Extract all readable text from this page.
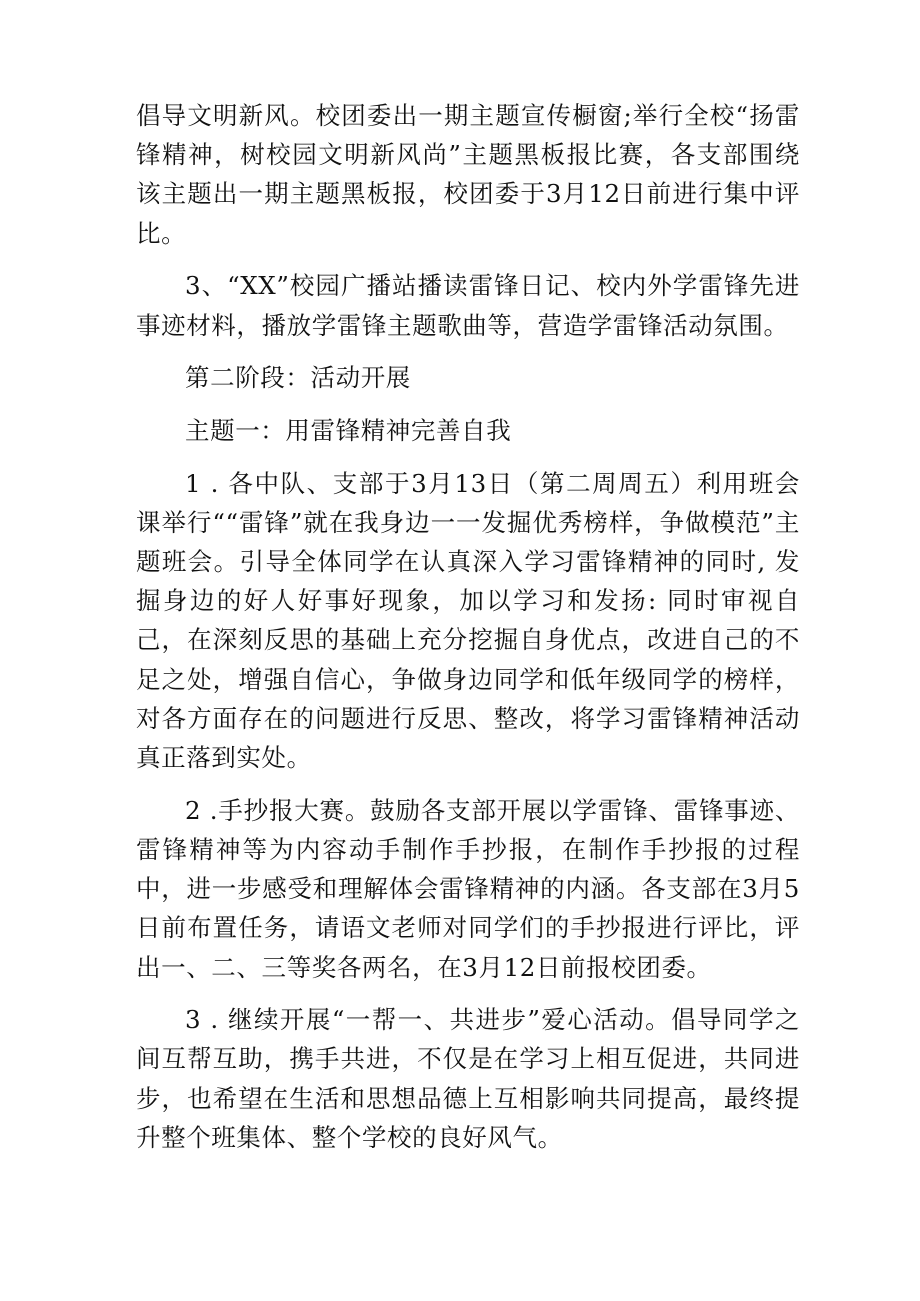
倡导文明新风。校团委出一期主题宣传橱窗;举行全校“扬雷锋精神，树校园文明新风尚”主题黑板报比赛，各支部围绕该主题出一期主题黑板报，校团委于3月12日前进行集中评比。

3、“XX”校园广播站播读雷锋日记、校内外学雷锋先进事迹材料，播放学雷锋主题歌曲等，营造学雷锋活动氛围。

第二阶段：活动开展

主题一：用雷锋精神完善自我

1 . 各中队、支部于3月13日（第二周周五）利用班会课举行““雷锋”就在我身边一一发掘优秀榜样，争做模范”主题班会。引导全体同学在认真深入学习雷锋精神的同时, 发掘身边的好人好事好现象，加以学习和发扬: 同时审视自己，在深刻反思的基础上充分挖掘自身优点，改进自己的不足之处，增强自信心，争做身边同学和低年级同学的榜样，对各方面存在的问题进行反思、整改，将学习雷锋精神活动真正落到实处。

2 .手抄报大赛。鼓励各支部开展以学雷锋、雷锋事迹、雷锋精神等为内容动手制作手抄报，在制作手抄报的过程中，进一步感受和理解体会雷锋精神的内涵。各支部在3月5日前布置任务，请语文老师对同学们的手抄报进行评比，评出一、二、三等奖各两名，在3月12日前报校团委。

3 . 继续开展“一帮一、共进步”爱心活动。倡导同学之间互帮互助，携手共进，不仅是在学习上相互促进，共同进步，也希望在生活和思想品德上互相影响共同提高，最终提升整个班集体、整个学校的良好风气。
